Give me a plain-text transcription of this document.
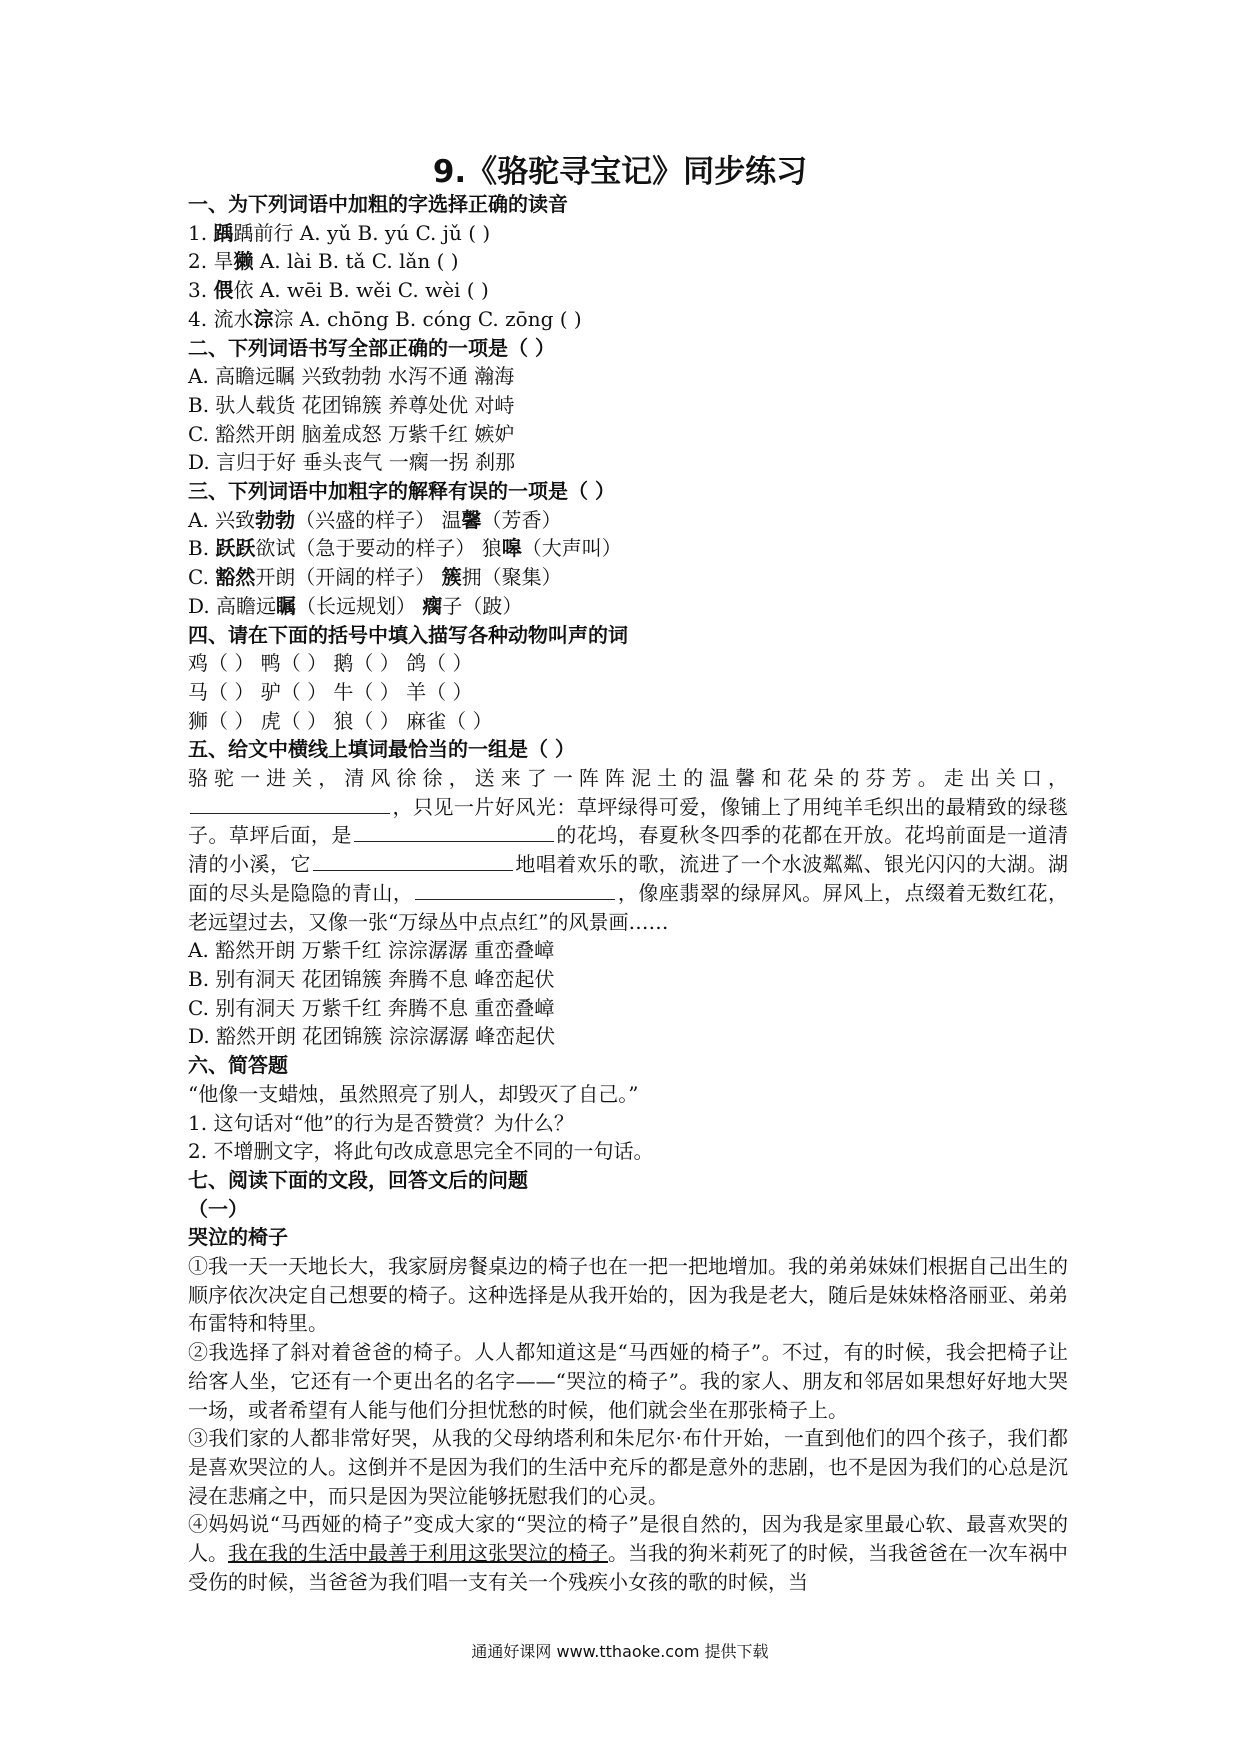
9.《骆驼寻宝记》同步练习
一、为下列词语中加粗的字选择正确的读音
1. 踽踽前行 A. yǔ B. yú C. jǔ ( )
2. 旱獭 A. lài B. tǎ C. lǎn ( )
3. 偎依 A. wēi B. wěi C. wèi ( )
4. 流水淙淙 A. chōng B. cóng C. zōng ( )
二、下列词语书写全部正确的一项是（ ）
A. 高瞻远瞩 兴致勃勃 水泻不通 瀚海
B. 驮人载货 花团锦簇 养尊处优 对峙
C. 豁然开朗 脑羞成怒 万紫千红 嫉妒
D. 言归于好 垂头丧气 一瘸一拐 刹那
三、下列词语中加粗字的解释有误的一项是（ ）
A. 兴致勃勃（兴盛的样子） 温馨（芳香）
B. 跃跃欲试（急于要动的样子） 狼嗥（大声叫）
C. 豁然开朗（开阔的样子） 簇拥（聚集）
D. 高瞻远瞩（长远规划） 瘸子（跛）
四、请在下面的括号中填入描写各种动物叫声的词
鸡（ ） 鸭（ ） 鹅（ ） 鸽（ ）
马（ ） 驴（ ） 牛（ ） 羊（ ）
狮（ ） 虎（ ） 狼（ ） 麻雀（ ）
五、给文中横线上填词最恰当的一组是（ ）
骆驼一进关，清风徐徐，送来了一阵阵泥土的温馨和花朵的芬芳。走出关口，，只见一片好风光：草坪绿得可爱，像铺上了用纯羊毛织出的最精致的绿毯子。草坪后面，是	的花坞，春夏秋冬四季的花都在开放。花坞前面是一道清清的小溪，它	地唱着欢乐的歌，流进了一个水波粼粼、银光闪闪的大湖。湖面的尽头是隐隐的青山，	，像座翡翠的绿屏风。屏风上，点缀着无数红花，老远望过去，又像一张“万绿丛中点点红”的风景画……
A. 豁然开朗 万紫千红 淙淙潺潺 重峦叠嶂
B. 别有洞天 花团锦簇 奔腾不息 峰峦起伏
C. 别有洞天 万紫千红 奔腾不息 重峦叠嶂
D. 豁然开朗 花团锦簇 淙淙潺潺 峰峦起伏
六、简答题
“他像一支蜡烛，虽然照亮了别人，却毁灭了自己。”
1. 这句话对“他”的行为是否赞赏？为什么？
2. 不增删文字，将此句改成意思完全不同的一句话。
七、阅读下面的文段，回答文后的问题
（一）
哭泣的椅子
①我一天一天地长大，我家厨房餐桌边的椅子也在一把一把地增加。我的弟弟妹妹们根据自己出生的顺序依次决定自己想要的椅子。这种选择是从我开始的，因为我是老大，随后是妹妹格洛丽亚、弟弟布雷特和特里。
②我选择了斜对着爸爸的椅子。人人都知道这是“马西娅的椅子”。不过，有的时候，我会把椅子让给客人坐，它还有一个更出名的名字——“哭泣的椅子”。我的家人、朋友和邻居如果想好好地大哭一场，或者希望有人能与他们分担忧愁的时候，他们就会坐在那张椅子上。
③我们家的人都非常好哭，从我的父母纳塔利和朱尼尔·布什开始，一直到他们的四个孩子，我们都是喜欢哭泣的人。这倒并不是因为我们的生活中充斥的都是意外的悲剧，也不是因为我们的心总是沉浸在悲痛之中，而只是因为哭泣能够抚慰我们的心灵。
④妈妈说“马西娅的椅子”变成大家的“哭泣的椅子”是很自然的，因为我是家里最心软、最喜欢哭的人。我在我的生活中最善于利用这张哭泣的椅子。当我的狗米莉死了的时候，当我爸爸在一次车祸中受伤的时候，当爸爸为我们唱一支有关一个残疾小女孩的歌的时候，当
通通好课网 www.tthaoke.com 提供下载
